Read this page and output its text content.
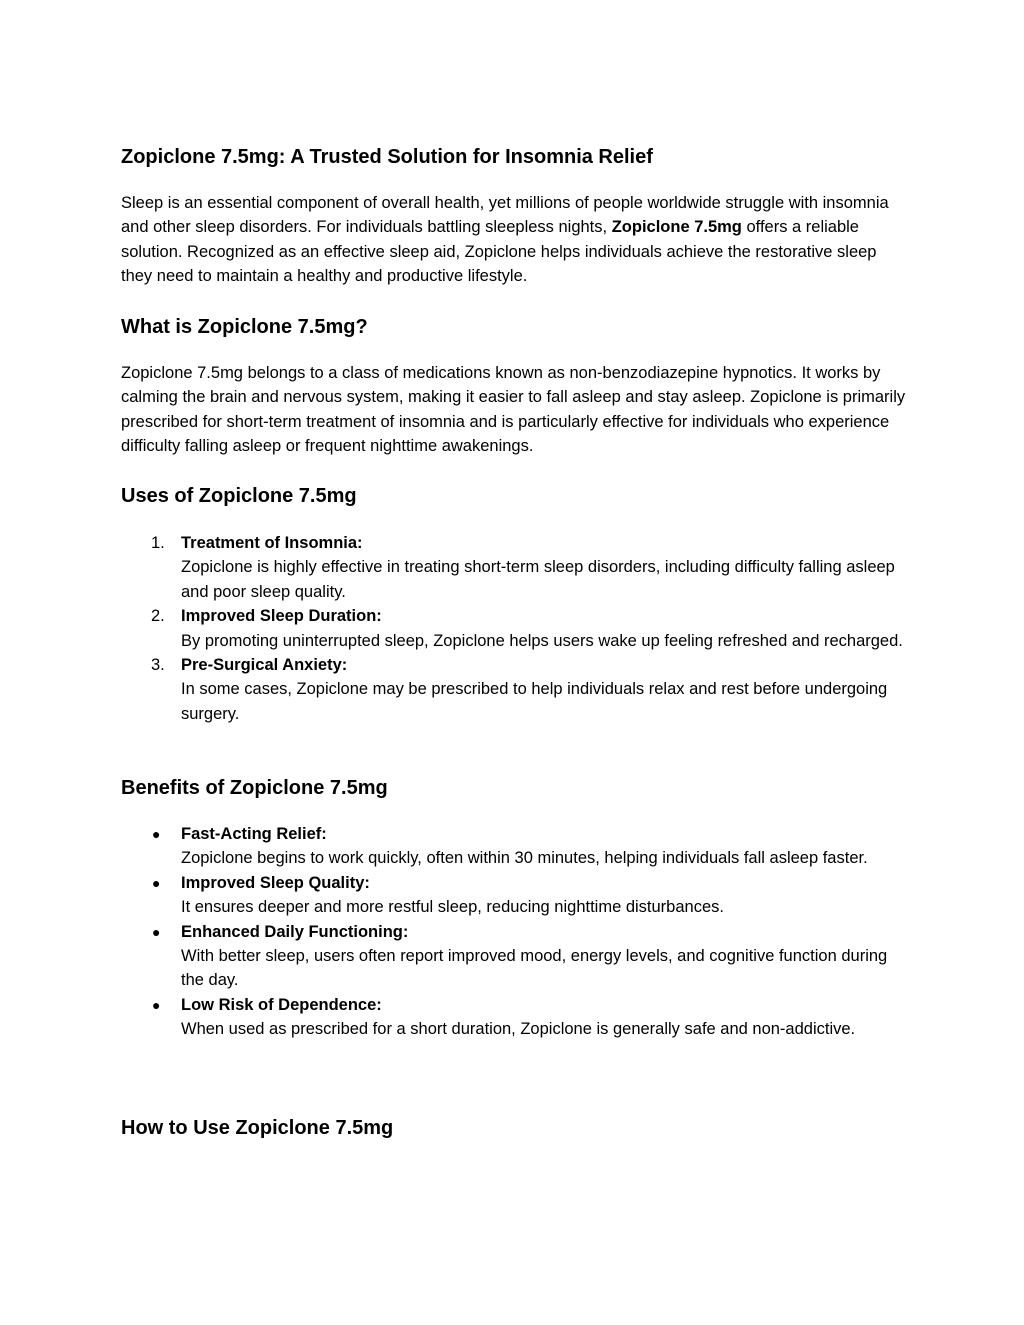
Zopiclone 7.5mg: A Trusted Solution for Insomnia Relief

Sleep is an essential component of overall health, yet millions of people worldwide struggle with insomnia and other sleep disorders. For individuals battling sleepless nights, Zopiclone 7.5mg offers a reliable solution. Recognized as an effective sleep aid, Zopiclone helps individuals achieve the restorative sleep they need to maintain a healthy and productive lifestyle.

What is Zopiclone 7.5mg?

Zopiclone 7.5mg belongs to a class of medications known as non-benzodiazepine hypnotics. It works by calming the brain and nervous system, making it easier to fall asleep and stay asleep. Zopiclone is primarily prescribed for short-term treatment of insomnia and is particularly effective for individuals who experience difficulty falling asleep or frequent nighttime awakenings.

Uses of Zopiclone 7.5mg
1. Treatment of Insomnia:
Zopiclone is highly effective in treating short-term sleep disorders, including difficulty falling asleep and poor sleep quality.
2. Improved Sleep Duration:
By promoting uninterrupted sleep, Zopiclone helps users wake up feeling refreshed and recharged.
3. Pre-Surgical Anxiety:
In some cases, Zopiclone may be prescribed to help individuals relax and rest before undergoing surgery.
Benefits of Zopiclone 7.5mg
● Fast-Acting Relief:
Zopiclone begins to work quickly, often within 30 minutes, helping individuals fall asleep faster.
● Improved Sleep Quality:
It ensures deeper and more restful sleep, reducing nighttime disturbances.
● Enhanced Daily Functioning:
With better sleep, users often report improved mood, energy levels, and cognitive function during the day.
● Low Risk of Dependence:
When used as prescribed for a short duration, Zopiclone is generally safe and non-addictive.
How to Use Zopiclone 7.5mg
